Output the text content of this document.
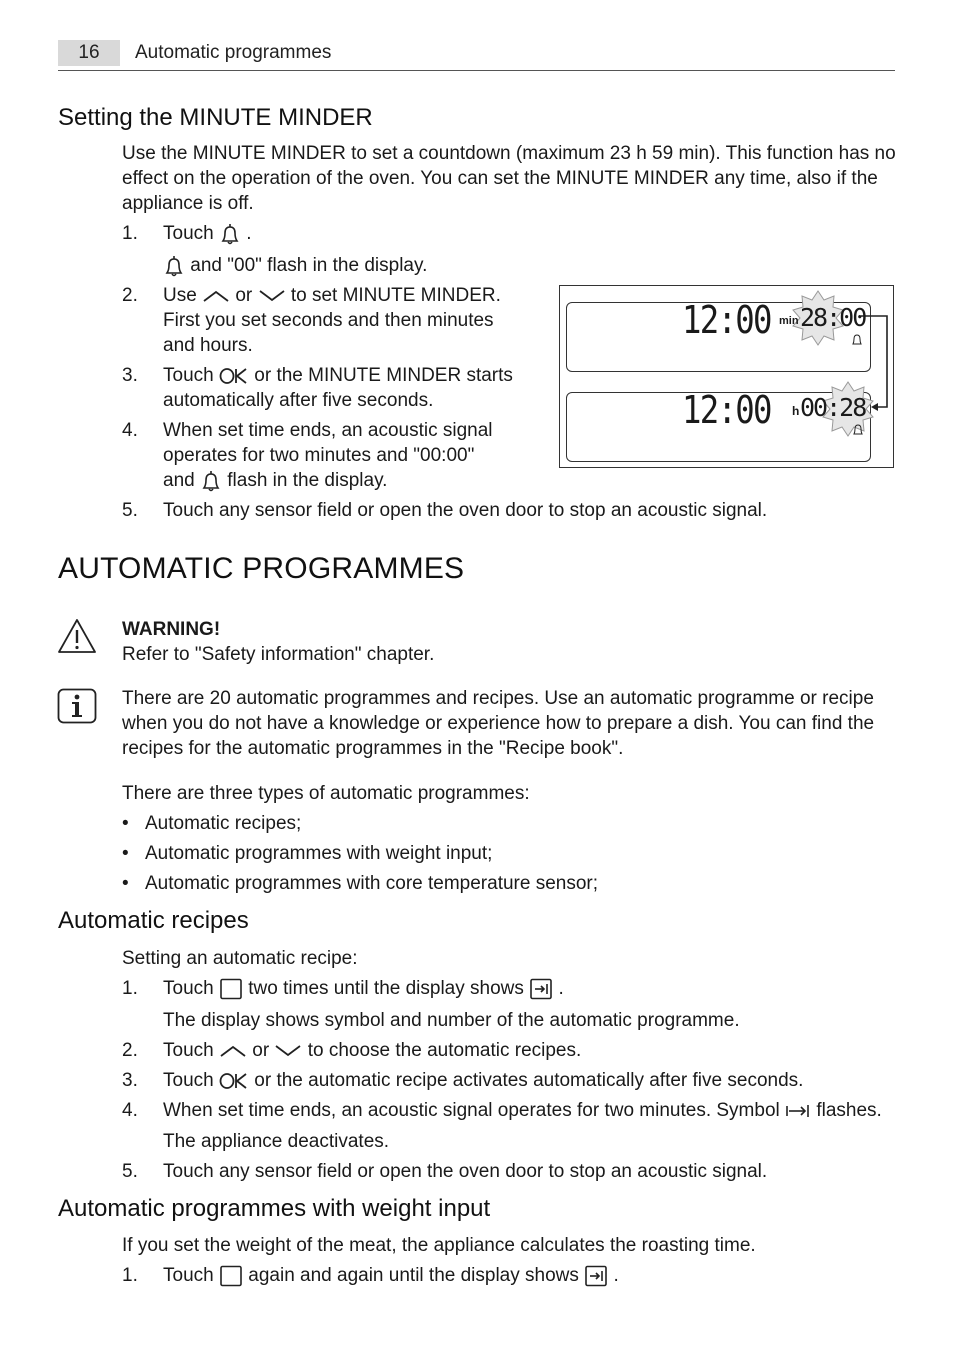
16	Automatic programmes
Setting the MINUTE MINDER
Use the MINUTE MINDER to set a countdown (maximum 23 h 59 min). This function has no
effect on the operation of the oven. You can set the MINUTE MINDER any time, also if the
appliance is off.
1. Touch .
and "00" flash in the display.
2. Use or to set MINUTE MINDER.
First you set seconds and then minutes
and hours.
3. Touch or the MINUTE MINDER starts
automatically after five seconds.
4. When set time ends, an acoustic signal
operates for two minutes and "00:00"
and flash in the display.
5. Touch any sensor field or open the oven door to stop an acoustic signal.
12:00 min 28:00
12:00 h 00:28
AUTOMATIC PROGRAMMES
WARNING!
Refer to "Safety information" chapter.
There are 20 automatic programmes and recipes. Use an automatic programme or recipe
when you do not have a knowledge or experience how to prepare a dish. You can find the
recipes for the automatic programmes in the "Recipe book".
There are three types of automatic programmes:
• Automatic recipes;
• Automatic programmes with weight input;
• Automatic programmes with core temperature sensor;
Automatic recipes
Setting an automatic recipe:
1. Touch two times until the display shows .
The display shows symbol and number of the automatic programme.
2. Touch or to choose the automatic recipes.
3. Touch or the automatic recipe activates automatically after five seconds.
4. When set time ends, an acoustic signal operates for two minutes. Symbol flashes.
The appliance deactivates.
5. Touch any sensor field or open the oven door to stop an acoustic signal.
Automatic programmes with weight input
If you set the weight of the meat, the appliance calculates the roasting time.
1. Touch again and again until the display shows .
